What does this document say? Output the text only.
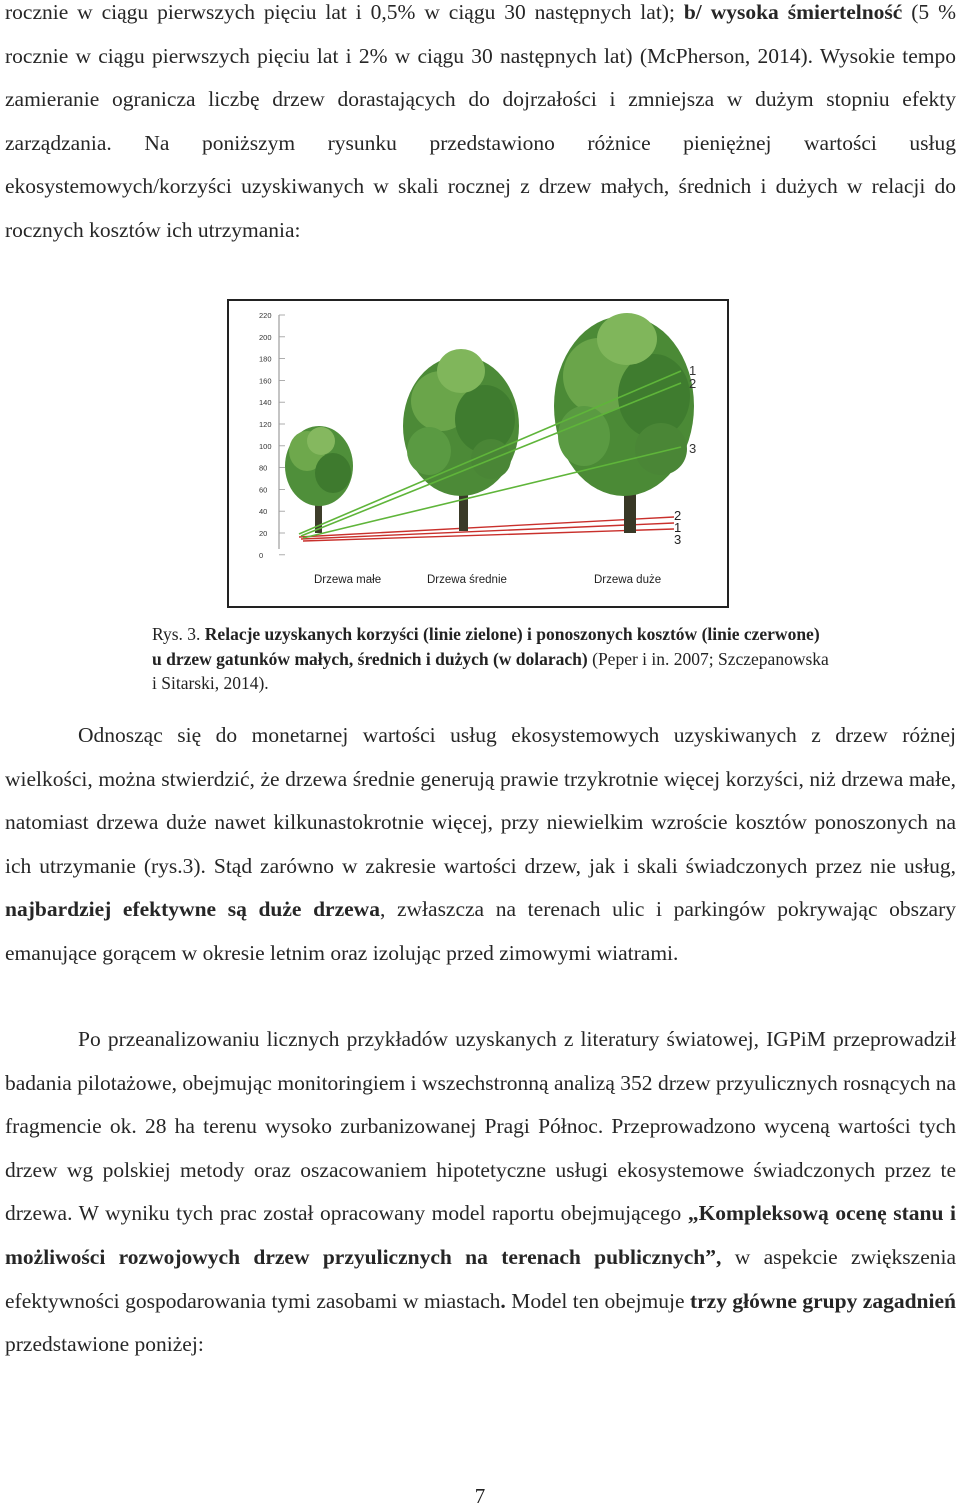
rocznie w ciągu pierwszych pięciu lat i 0,5% w ciągu 30 następnych lat); b/ wysoka śmiertelność (5 % rocznie w ciągu pierwszych pięciu lat i 2% w ciągu 30 następnych lat) (McPherson, 2014). Wysokie tempo zamieranie ogranicza liczbę drzew dorastających do dojrzałości i zmniejsza w dużym stopniu efekty zarządzania. Na poniższym rysunku przedstawiono różnice pieniężnej wartości usług ekosystemowych/korzyści uzyskiwanych w skali rocznej z drzew małych, średnich i dużych w relacji do rocznych kosztów ich utrzymania:

220
200
180
160
140
120
100
80
60
40
20
0
1
2
3
2
1
3
Drzewa małe	Drzewa średnie	Drzewa duże
Rys. 3. Relacje uzyskanych korzyści (linie zielone) i ponoszonych kosztów (linie czerwone) u drzew gatunków małych, średnich i dużych (w dolarach) (Peper i in. 2007; Szczepanowska i Sitarski, 2014).

Odnosząc się do monetarnej wartości usług ekosystemowych uzyskiwanych z drzew różnej wielkości, można stwierdzić, że drzewa średnie generują prawie trzykrotnie więcej korzyści, niż drzewa małe, natomiast drzewa duże nawet kilkunastokrotnie więcej, przy niewielkim wzroście kosztów ponoszonych na ich utrzymanie (rys.3). Stąd zarówno w zakresie wartości drzew, jak i skali świadczonych przez nie usług, najbardziej efektywne są duże drzewa, zwłaszcza na terenach ulic i parkingów pokrywając obszary emanujące gorącem w okresie letnim oraz izolując przed zimowymi wiatrami.

Po przeanalizowaniu licznych przykładów uzyskanych z literatury światowej, IGPiM przeprowadził badania pilotażowe, obejmując monitoringiem i wszechstronną analizą 352 drzew przyulicznych rosnących na fragmencie ok. 28 ha terenu wysoko zurbanizowanej Pragi Północ. Przeprowadzono wyceną wartości tych drzew wg polskiej metody oraz oszacowaniem hipotetyczne usługi ekosystemowe świadczonych przez te drzewa. W wyniku tych prac został opracowany model raportu obejmującego „Kompleksową ocenę stanu i możliwości rozwojowych drzew przyulicznych na terenach publicznych”, w aspekcie zwiększenia efektywności gospodarowania tymi zasobami w miastach. Model ten obejmuje trzy główne grupy zagadnień przedstawione poniżej:

7
